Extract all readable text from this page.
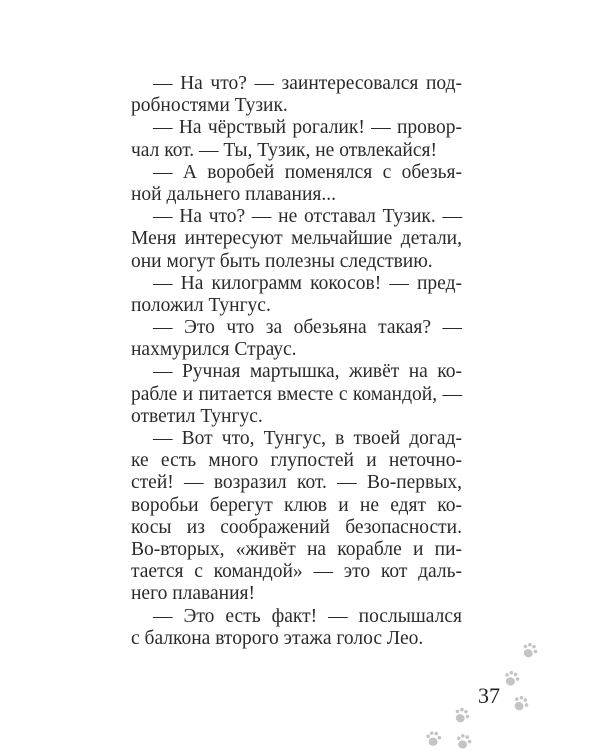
— На что? — заинтересовался под-
робностями Тузик.
— На чёрствый рогалик! — провор-
чал кот. — Ты, Тузик, не отвлекайся!
— А воробей поменялся с обезья-
ной дальнего плавания...
— На что? — не отставал Тузик. —
Меня интересуют мельчайшие детали,
они могут быть полезны следствию.
— На килограмм кокосов! — пред-
положил Тунгус.
— Это что за обезьяна такая? —
нахмурился Страус.
— Ручная мартышка, живёт на ко-
рабле и питается вместе с командой, —
ответил Тунгус.
— Вот что, Тунгус, в твоей догад-
ке есть много глупостей и неточно-
стей! — возразил кот. — Во-первых,
воробьи берегут клюв и не едят ко-
косы из соображений безопасности.
Во-вторых, «живёт на корабле и пи-
тается с командой» — это кот даль-
него плавания!
— Это есть факт! — послышался
с балкона второго этажа голос Лео.
37
